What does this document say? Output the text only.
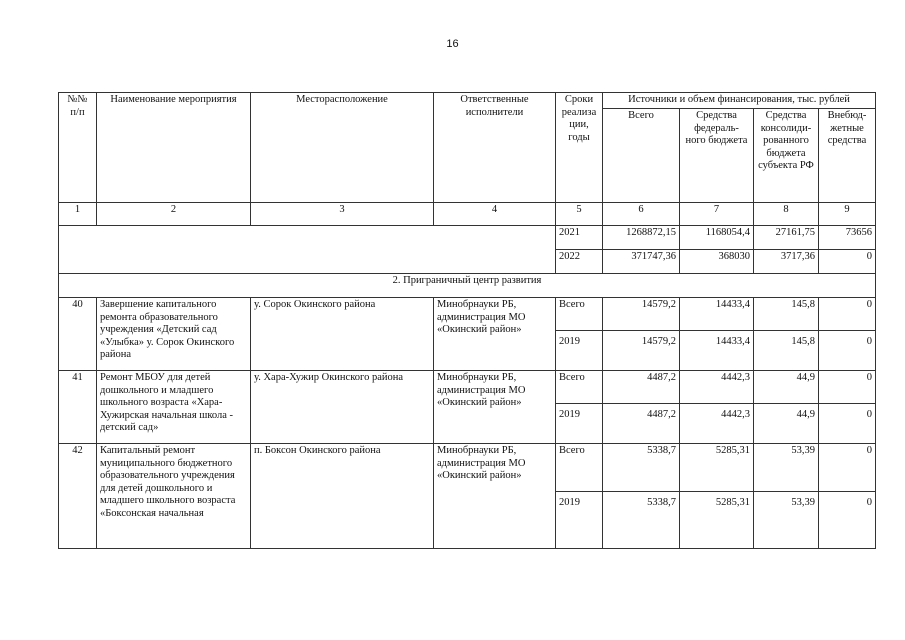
16
№№ п/п	Наименование мероприятия	Месторасположение	Ответственные исполнители	Сроки реализа ции, годы	Источники и объем финансирования, тыс. рублей			
					Всего	Средства федераль- ного бюджета	Средства консолиди- рованного бюджета субъекта РФ	Внебюд- жетные средства
1	2	3	4	5	6	7	8	9
				2021	1268872,15	1168054,4	27161,75	73656
				2022	371747,36	368030	3717,36	0
2. Приграничный центр развития								
40	Завершение капитального ремонта образовательного учреждения «Детский сад «Улыбка» у. Сорок Окинского района	у. Сорок Окинского района	Минобрнауки РБ, администрация МО «Окинский район»	Всего	14579,2	14433,4	145,8	0
				2019	14579,2	14433,4	145,8	0
41	Ремонт МБОУ для детей дошкольного и младшего школьного возраста «Хара-Хужирская начальная школа - детский сад»	у. Хара-Хужир Окинского района	Минобрнауки РБ, администрация МО «Окинский район»	Всего	4487,2	4442,3	44,9	0
				2019	4487,2	4442,3	44,9	0
42	Капитальный ремонт муниципального бюджетного образовательного учреждения для детей дошкольного и младшего школьного возраста «Боксонская начальная	п. Боксон Окинского района	Минобрнауки РБ, администрация МО «Окинский район»	Всего	5338,7	5285,31	53,39	0
				2019	5338,7	5285,31	53,39	0
